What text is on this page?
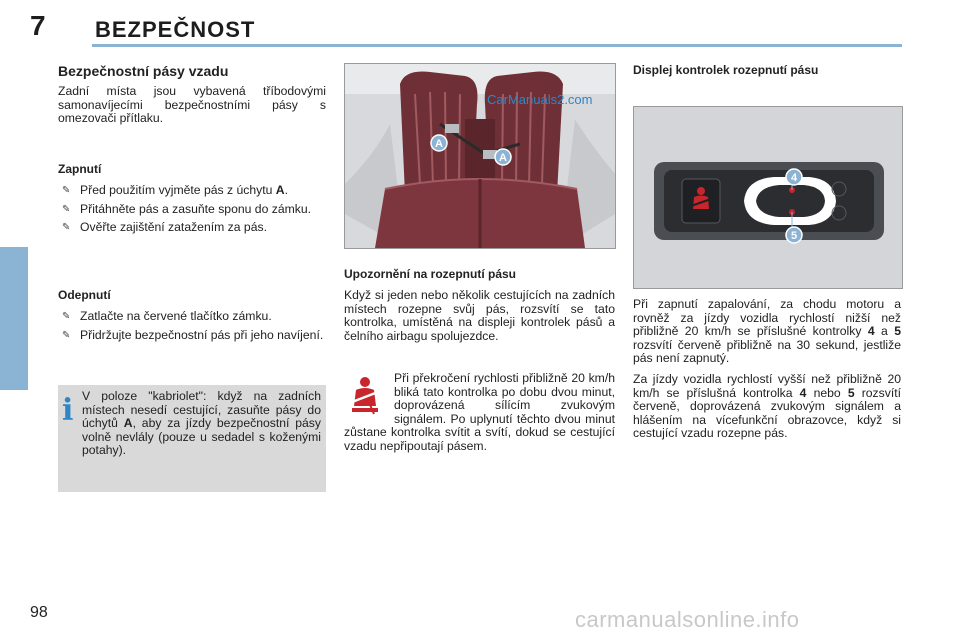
7 BEZPEČNOST
Bezpečnostní pásy vzadu
Zadní místa jsou vybavená tříbodovými samonavíjecími bezpečnostními pásy s omezovači přítlaku.
Zapnutí
✎ Před použitím vyjměte pás z úchytu A.
✎ Přitáhněte pás a zasuňte sponu do zámku.
✎ Ověřte zajištění zatažením za pás.
Odepnutí
✎ Zatlačte na červené tlačítko zámku.
✎ Přidržujte bezpečnostní pás při jeho navíjení.
i V poloze "kabriolet": když na zadních místech nesedí cestující, zasuňte pásy do úchytů A, aby za jízdy bezpečnostní pásy volně nevlály (pouze u sedadel s koženými potahy).
CarManuals2.com
A
A
Upozornění na rozepnutí pásu
Když si jeden nebo několik cestujících na zadních místech rozepne svůj pás, rozsvítí se tato kontrolka, umístěná na displeji kontrolek pásů a čelního airbagu spolujezdce.
Při překročení rychlosti přibližně 20 km/h bliká tato kontrolka po dobu dvou minut, doprovázená sílícím zvukovým signálem. Po uplynutí těchto dvou minut zůstane kontrolka svítit a svítí, dokud se cestující vzadu nepřipoutají pásem.
Displej kontrolek rozepnutí pásu
4
5
Při zapnutí zapalování, za chodu motoru a rovněž za jízdy vozidla rychlostí nižší než přibližně 20 km/h se příslušné kontrolky 4 a 5 rozsvítí červeně přibližně na 30 sekund, jestliže pás není zapnutý.
Za jízdy vozidla rychlostí vyšší než přibližně 20 km/h se příslušná kontrolka 4 nebo 5 rozsvítí červeně, doprovázená zvukovým signálem a hlášením na vícefunkční obrazovce, když si cestující vzadu rozepne pás.
98	carmanualsonline.info
